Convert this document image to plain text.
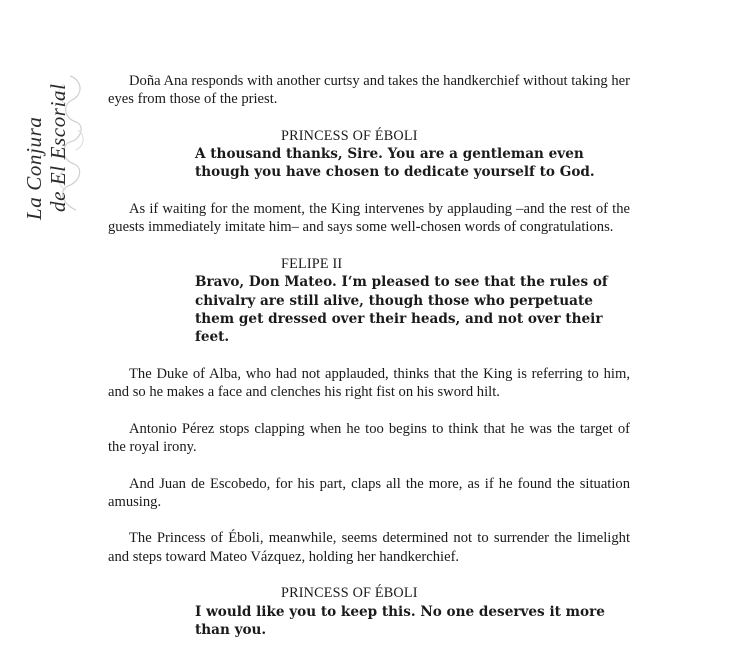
La Conjura de El Escorial

Doña Ana responds with another curtsy and takes the handkerchief without taking her eyes from those of the priest.

PRINCESS OF ÉBOLI

A thousand thanks, Sire. You are a gentleman even though you have chosen to dedicate yourself to God.

As if waiting for the moment, the King intervenes by applauding –and the rest of the guests immediately imitate him– and says some well-chosen words of congratulations.

FELIPE II

Bravo, Don Mateo. I‘m pleased to see that the rules of chivalry are still alive, though those who perpetuate them get dressed over their heads, and not over their feet.

The Duke of Alba, who had not applauded, thinks that the King is referring to him, and so he makes a face and clenches his right fist on his sword hilt.

Antonio Pérez stops clapping when he too begins to think that he was the target of the royal irony.

And Juan de Escobedo, for his part, claps all the more, as if he found the situation amusing.

The Princess of Éboli, meanwhile, seems determined not to surrender the limelight and steps toward Mateo Vázquez, holding her handkerchief.

PRINCESS OF ÉBOLI

I would like you to keep this. No one deserves it more than you.
